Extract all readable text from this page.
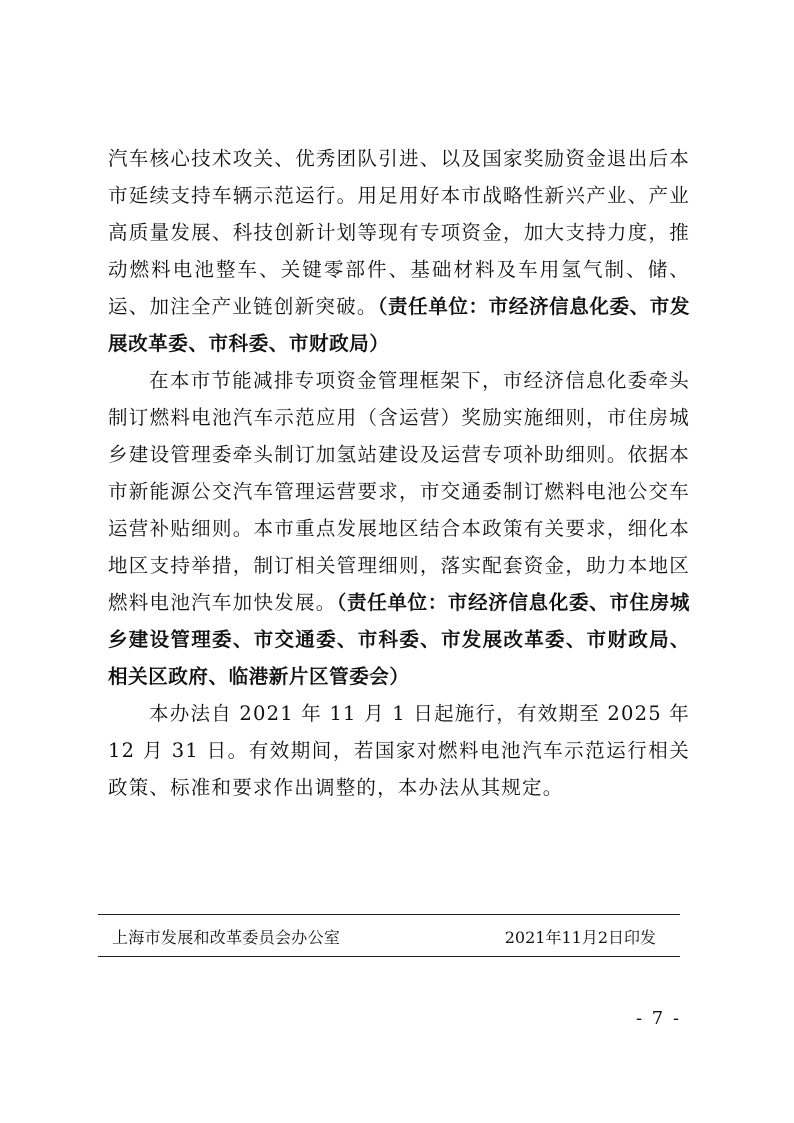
汽车核心技术攻关、优秀团队引进、以及国家奖励资金退出后本市延续支持车辆示范运行。用足用好本市战略性新兴产业、产业高质量发展、科技创新计划等现有专项资金，加大支持力度，推动燃料电池整车、关键零部件、基础材料及车用氢气制、储、运、加注全产业链创新突破。（责任单位：市经济信息化委、市发展改革委、市科委、市财政局）

在本市节能减排专项资金管理框架下，市经济信息化委牵头制订燃料电池汽车示范应用（含运营）奖励实施细则，市住房城乡建设管理委牵头制订加氢站建设及运营专项补助细则。依据本市新能源公交汽车管理运营要求，市交通委制订燃料电池公交车运营补贴细则。本市重点发展地区结合本政策有关要求，细化本地区支持举措，制订相关管理细则，落实配套资金，助力本地区燃料电池汽车加快发展。（责任单位：市经济信息化委、市住房城乡建设管理委、市交通委、市科委、市发展改革委、市财政局、相关区政府、临港新片区管委会）

本办法自 2021 年 11 月 1 日起施行，有效期至 2025 年 12 月 31 日。有效期间，若国家对燃料电池汽车示范运行相关政策、标准和要求作出调整的，本办法从其规定。

上海市发展和改革委员会办公室	2021年11月2日印发
- 7 -
